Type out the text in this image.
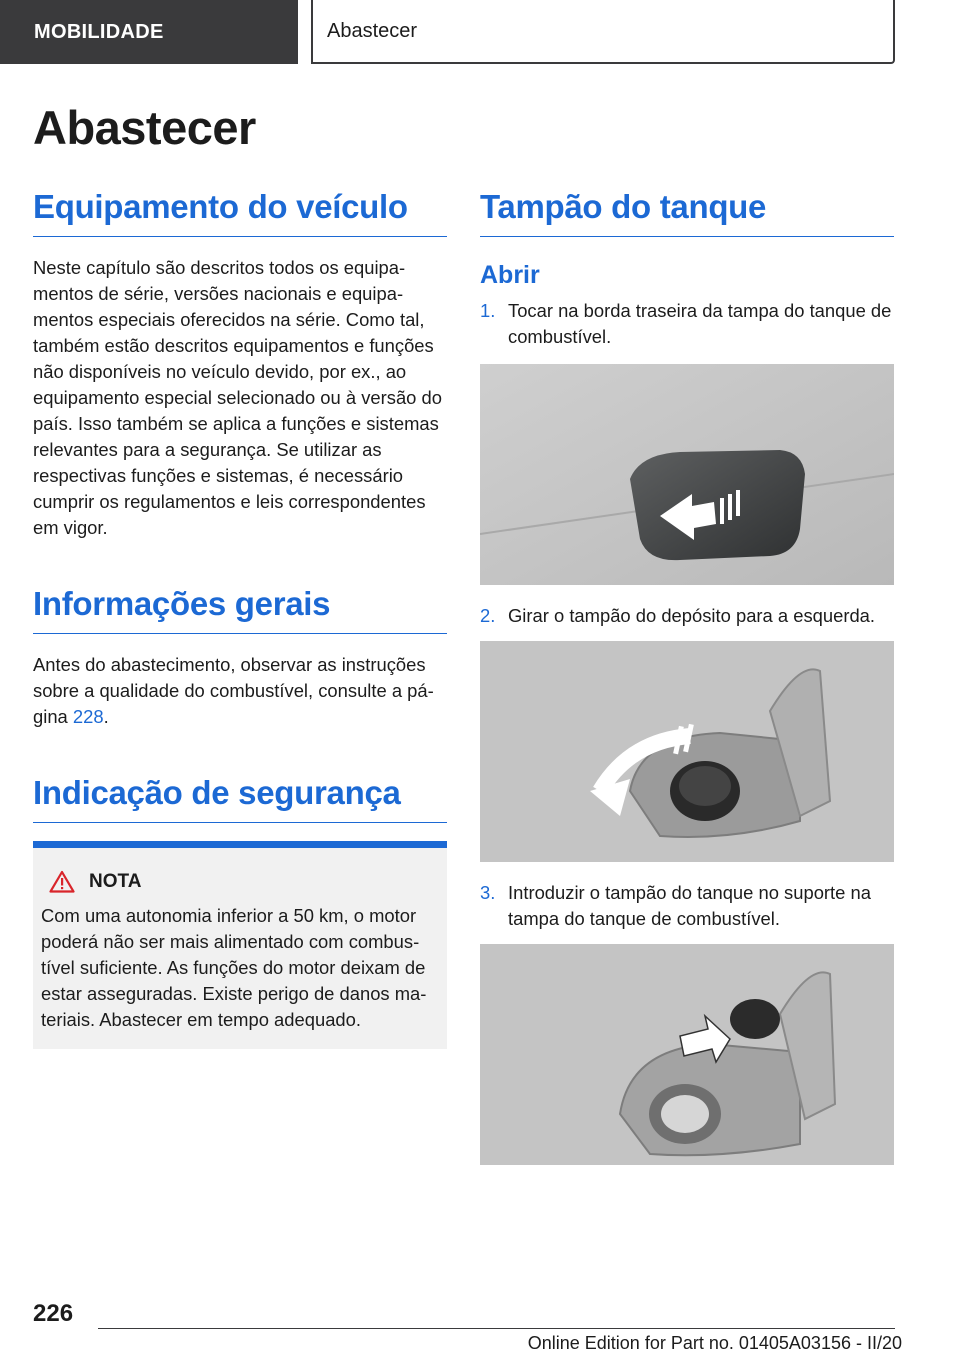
MOBILIDADE	Abastecer
Abastecer
Equipamento do veículo

Neste capítulo são descritos todos os equipamentos de série, versões nacionais e equipamentos especiais oferecidos na série. Como tal, também estão descritos equipamentos e funções não disponíveis no veículo devido, por ex., ao equipamento especial selecionado ou à versão do país. Isso também se aplica a funções e sistemas relevantes para a segurança. Se utilizar as respectivas funções e sistemas, é necessário cumprir os regulamentos e leis correspondentes em vigor.

Informações gerais

Antes do abastecimento, observar as instruções sobre a qualidade do combustível, consulte a página 228.

Indicação de segurança
NOTA

Com uma autonomia inferior a 50 km, o motor poderá não ser mais alimentado com combustível suficiente. As funções do motor deixam de estar asseguradas. Existe perigo de danos materiais. Abastecer em tempo adequado.

Tampão do tanque
Abrir
1. Tocar na borda traseira da tampa do tanque de combustível.
2. Girar o tampão do depósito para a esquerda.
3. Introduzir o tampão do tanque no suporte na tampa do tanque de combustível.
226
Online Edition for Part no. 01405A03156 - II/20
